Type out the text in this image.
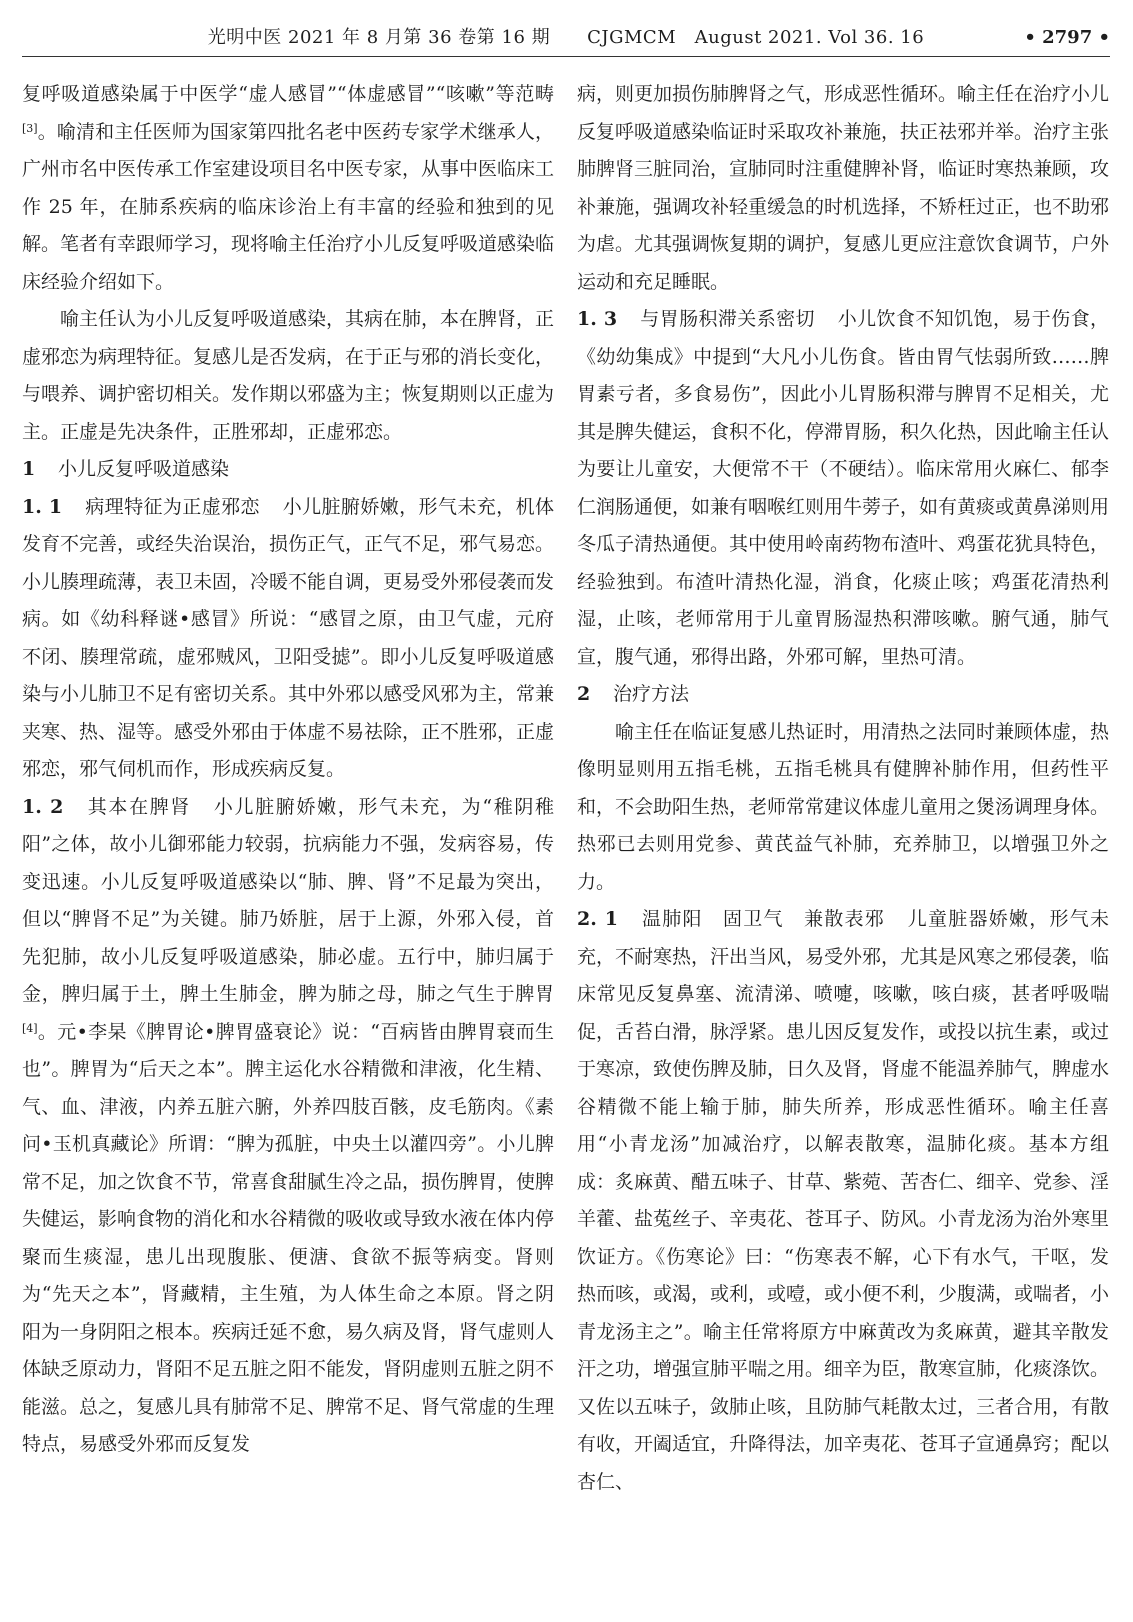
光明中医 2021 年 8 月第 36 卷第 16 期　　CJGMCM　August 2021. Vol 36. 16	• 2797 •

复呼吸道感染属于中医学“虚人感冒”“体虚感冒”“咳嗽”等范畴[3]。喻清和主任医师为国家第四批名老中医药专家学术继承人，广州市名中医传承工作室建设项目名中医专家，从事中医临床工作 25 年，在肺系疾病的临床诊治上有丰富的经验和独到的见解。笔者有幸跟师学习，现将喻主任治疗小儿反复呼吸道感染临床经验介绍如下。

喻主任认为小儿反复呼吸道感染，其病在肺，本在脾肾，正虚邪恋为病理特征。复感儿是否发病，在于正与邪的消长变化，与喂养、调护密切相关。发作期以邪盛为主；恢复期则以正虚为主。正虚是先决条件，正胜邪却，正虚邪恋。

1 小儿反复呼吸道感染

1. 1 病理特征为正虚邪恋 小儿脏腑娇嫩，形气未充，机体发育不完善，或经失治误治，损伤正气，正气不足，邪气易恋。小儿腠理疏薄，表卫未固，冷暖不能自调，更易受外邪侵袭而发病。如《幼科释谜•感冒》所说：“感冒之原，由卫气虚，元府不闭、腠理常疏，虚邪贼风，卫阳受摅”。即小儿反复呼吸道感染与小儿肺卫不足有密切关系。其中外邪以感受风邪为主，常兼夹寒、热、湿等。感受外邪由于体虚不易祛除，正不胜邪，正虚邪恋，邪气伺机而作，形成疾病反复。

1. 2 其本在脾肾 小儿脏腑娇嫩，形气未充，为“稚阴稚阳”之体，故小儿御邪能力较弱，抗病能力不强，发病容易，传变迅速。小儿反复呼吸道感染以“肺、脾、肾”不足最为突出，但以“脾肾不足”为关键。肺乃娇脏，居于上源，外邪入侵，首先犯肺，故小儿反复呼吸道感染，肺必虚。五行中，肺归属于金，脾归属于土，脾土生肺金，脾为肺之母，肺之气生于脾胃[4]。元•李杲《脾胃论•脾胃盛衰论》说：“百病皆由脾胃衰而生也”。脾胃为“后天之本”。脾主运化水谷精微和津液，化生精、气、血、津液，内养五脏六腑，外养四肢百骸，皮毛筋肉。《素问•玉机真藏论》所谓：“脾为孤脏，中央土以灌四旁”。小儿脾常不足，加之饮食不节，常喜食甜腻生冷之品，损伤脾胃，使脾失健运，影响食物的消化和水谷精微的吸收或导致水液在体内停聚而生痰湿，患儿出现腹胀、便溏、食欲不振等病变。肾则为“先天之本”，肾藏精，主生殖，为人体生命之本原。肾之阴阳为一身阴阳之根本。疾病迁延不愈，易久病及肾，肾气虚则人体缺乏原动力，肾阳不足五脏之阳不能发，肾阴虚则五脏之阴不能滋。总之，复感儿具有肺常不足、脾常不足、肾气常虚的生理特点，易感受外邪而反复发

病，则更加损伤肺脾肾之气，形成恶性循环。喻主任在治疗小儿反复呼吸道感染临证时采取攻补兼施，扶正祛邪并举。治疗主张肺脾肾三脏同治，宣肺同时注重健脾补肾，临证时寒热兼顾，攻补兼施，强调攻补轻重缓急的时机选择，不矫枉过正，也不助邪为虐。尤其强调恢复期的调护，复感儿更应注意饮食调节，户外运动和充足睡眠。

1. 3 与胃肠积滞关系密切 小儿饮食不知饥饱，易于伤食，《幼幼集成》中提到“大凡小儿伤食。皆由胃气怯弱所致……脾胃素亏者，多食易伤”，因此小儿胃肠积滞与脾胃不足相关，尤其是脾失健运，食积不化，停滞胃肠，积久化热，因此喻主任认为要让儿童安，大便常不干（不硬结）。临床常用火麻仁、郁李仁润肠通便，如兼有咽喉红则用牛蒡子，如有黄痰或黄鼻涕则用冬瓜子清热通便。其中使用岭南药物布渣叶、鸡蛋花犹具特色，经验独到。布渣叶清热化湿，消食，化痰止咳；鸡蛋花清热利湿，止咳，老师常用于儿童胃肠湿热积滞咳嗽。腑气通，肺气宣，腹气通，邪得出路，外邪可解，里热可清。

2 治疗方法

喻主任在临证复感儿热证时，用清热之法同时兼顾体虚，热像明显则用五指毛桃，五指毛桃具有健脾补肺作用，但药性平和，不会助阳生热，老师常常建议体虚儿童用之煲汤调理身体。热邪已去则用党参、黄芪益气补肺，充养肺卫，以增强卫外之力。

2. 1 温肺阳　固卫气　兼散表邪 儿童脏器娇嫩，形气未充，不耐寒热，汗出当风，易受外邪，尤其是风寒之邪侵袭，临床常见反复鼻塞、流清涕、喷嚏，咳嗽，咳白痰，甚者呼吸喘促，舌苔白滑，脉浮紧。患儿因反复发作，或投以抗生素，或过于寒凉，致使伤脾及肺，日久及肾，肾虚不能温养肺气，脾虚水谷精微不能上输于肺，肺失所养，形成恶性循环。喻主任喜用“小青龙汤”加减治疗，以解表散寒，温肺化痰。基本方组成：炙麻黄、醋五味子、甘草、紫菀、苦杏仁、细辛、党参、淫羊藿、盐菟丝子、辛夷花、苍耳子、防风。小青龙汤为治外寒里饮证方。《伤寒论》曰：“伤寒表不解，心下有水气，干呕，发热而咳，或渴，或利，或噎，或小便不利，少腹满，或喘者，小青龙汤主之”。喻主任常将原方中麻黄改为炙麻黄，避其辛散发汗之功，增强宣肺平喘之用。细辛为臣，散寒宣肺，化痰涤饮。又佐以五味子，敛肺止咳，且防肺气耗散太过，三者合用，有散有收，开阖适宜，升降得法，加辛夷花、苍耳子宣通鼻窍；配以杏仁、
